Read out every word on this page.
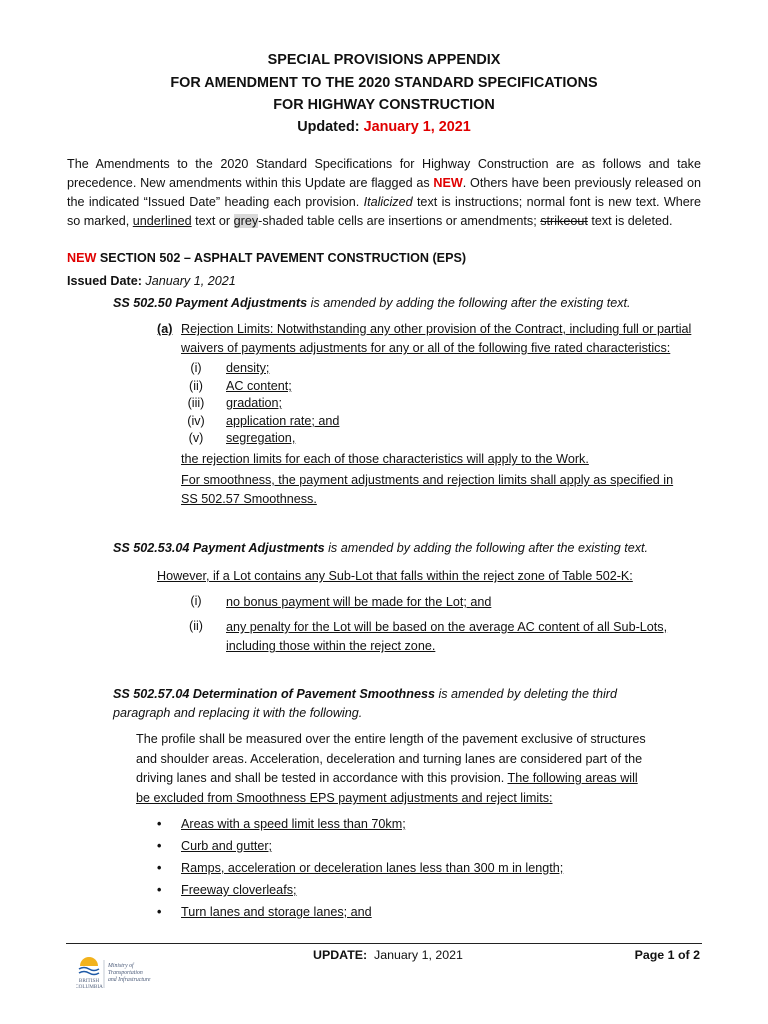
SPECIAL PROVISIONS APPENDIX
FOR AMENDMENT TO THE 2020 STANDARD SPECIFICATIONS
FOR HIGHWAY CONSTRUCTION
Updated: January 1, 2021
The Amendments to the 2020 Standard Specifications for Highway Construction are as follows and take precedence. New amendments within this Update are flagged as NEW. Others have been previously released on the indicated “Issued Date” heading each provision. Italicized text is instructions; normal font is new text. Where so marked, underlined text or grey-shaded table cells are insertions or amendments; strikeout text is deleted.
NEW SECTION 502 – ASPHALT PAVEMENT CONSTRUCTION (EPS)
Issued Date: January 1, 2021
SS 502.50 Payment Adjustments is amended by adding the following after the existing text.
(a) Rejection Limits: Notwithstanding any other provision of the Contract, including full or partial
waivers of payments adjustments for any or all of the following five rated characteristics:
(i)	density;
(ii)	AC content;
(iii)	gradation;
(iv)	application rate; and
(v)	segregation,
the rejection limits for each of those characteristics will apply to the Work.
For smoothness, the payment adjustments and rejection limits shall apply as specified in
SS 502.57 Smoothness.
SS 502.53.04 Payment Adjustments is amended by adding the following after the existing text.
However, if a Lot contains any Sub-Lot that falls within the reject zone of Table 502-K:
(i)	no bonus payment will be made for the Lot; and
(ii)	any penalty for the Lot will be based on the average AC content of all Sub-Lots,
including those within the reject zone.
SS 502.57.04 Determination of Pavement Smoothness is amended by deleting the third
paragraph and replacing it with the following.
The profile shall be measured over the entire length of the pavement exclusive of structures
and shoulder areas. Acceleration, deceleration and turning lanes are considered part of the
driving lanes and shall be tested in accordance with this provision. The following areas will
be excluded from Smoothness EPS payment adjustments and reject limits:
• Areas with a speed limit less than 70km;
• Curb and gutter;
• Ramps, acceleration or deceleration lanes less than 300 m in length;
• Freeway cloverleafs;
• Turn lanes and storage lanes; and
BRITISH
COLUMBIA
Ministry of
Transportation
and Infrastructure
UPDATE: January 1, 2021	Page 1 of 2
